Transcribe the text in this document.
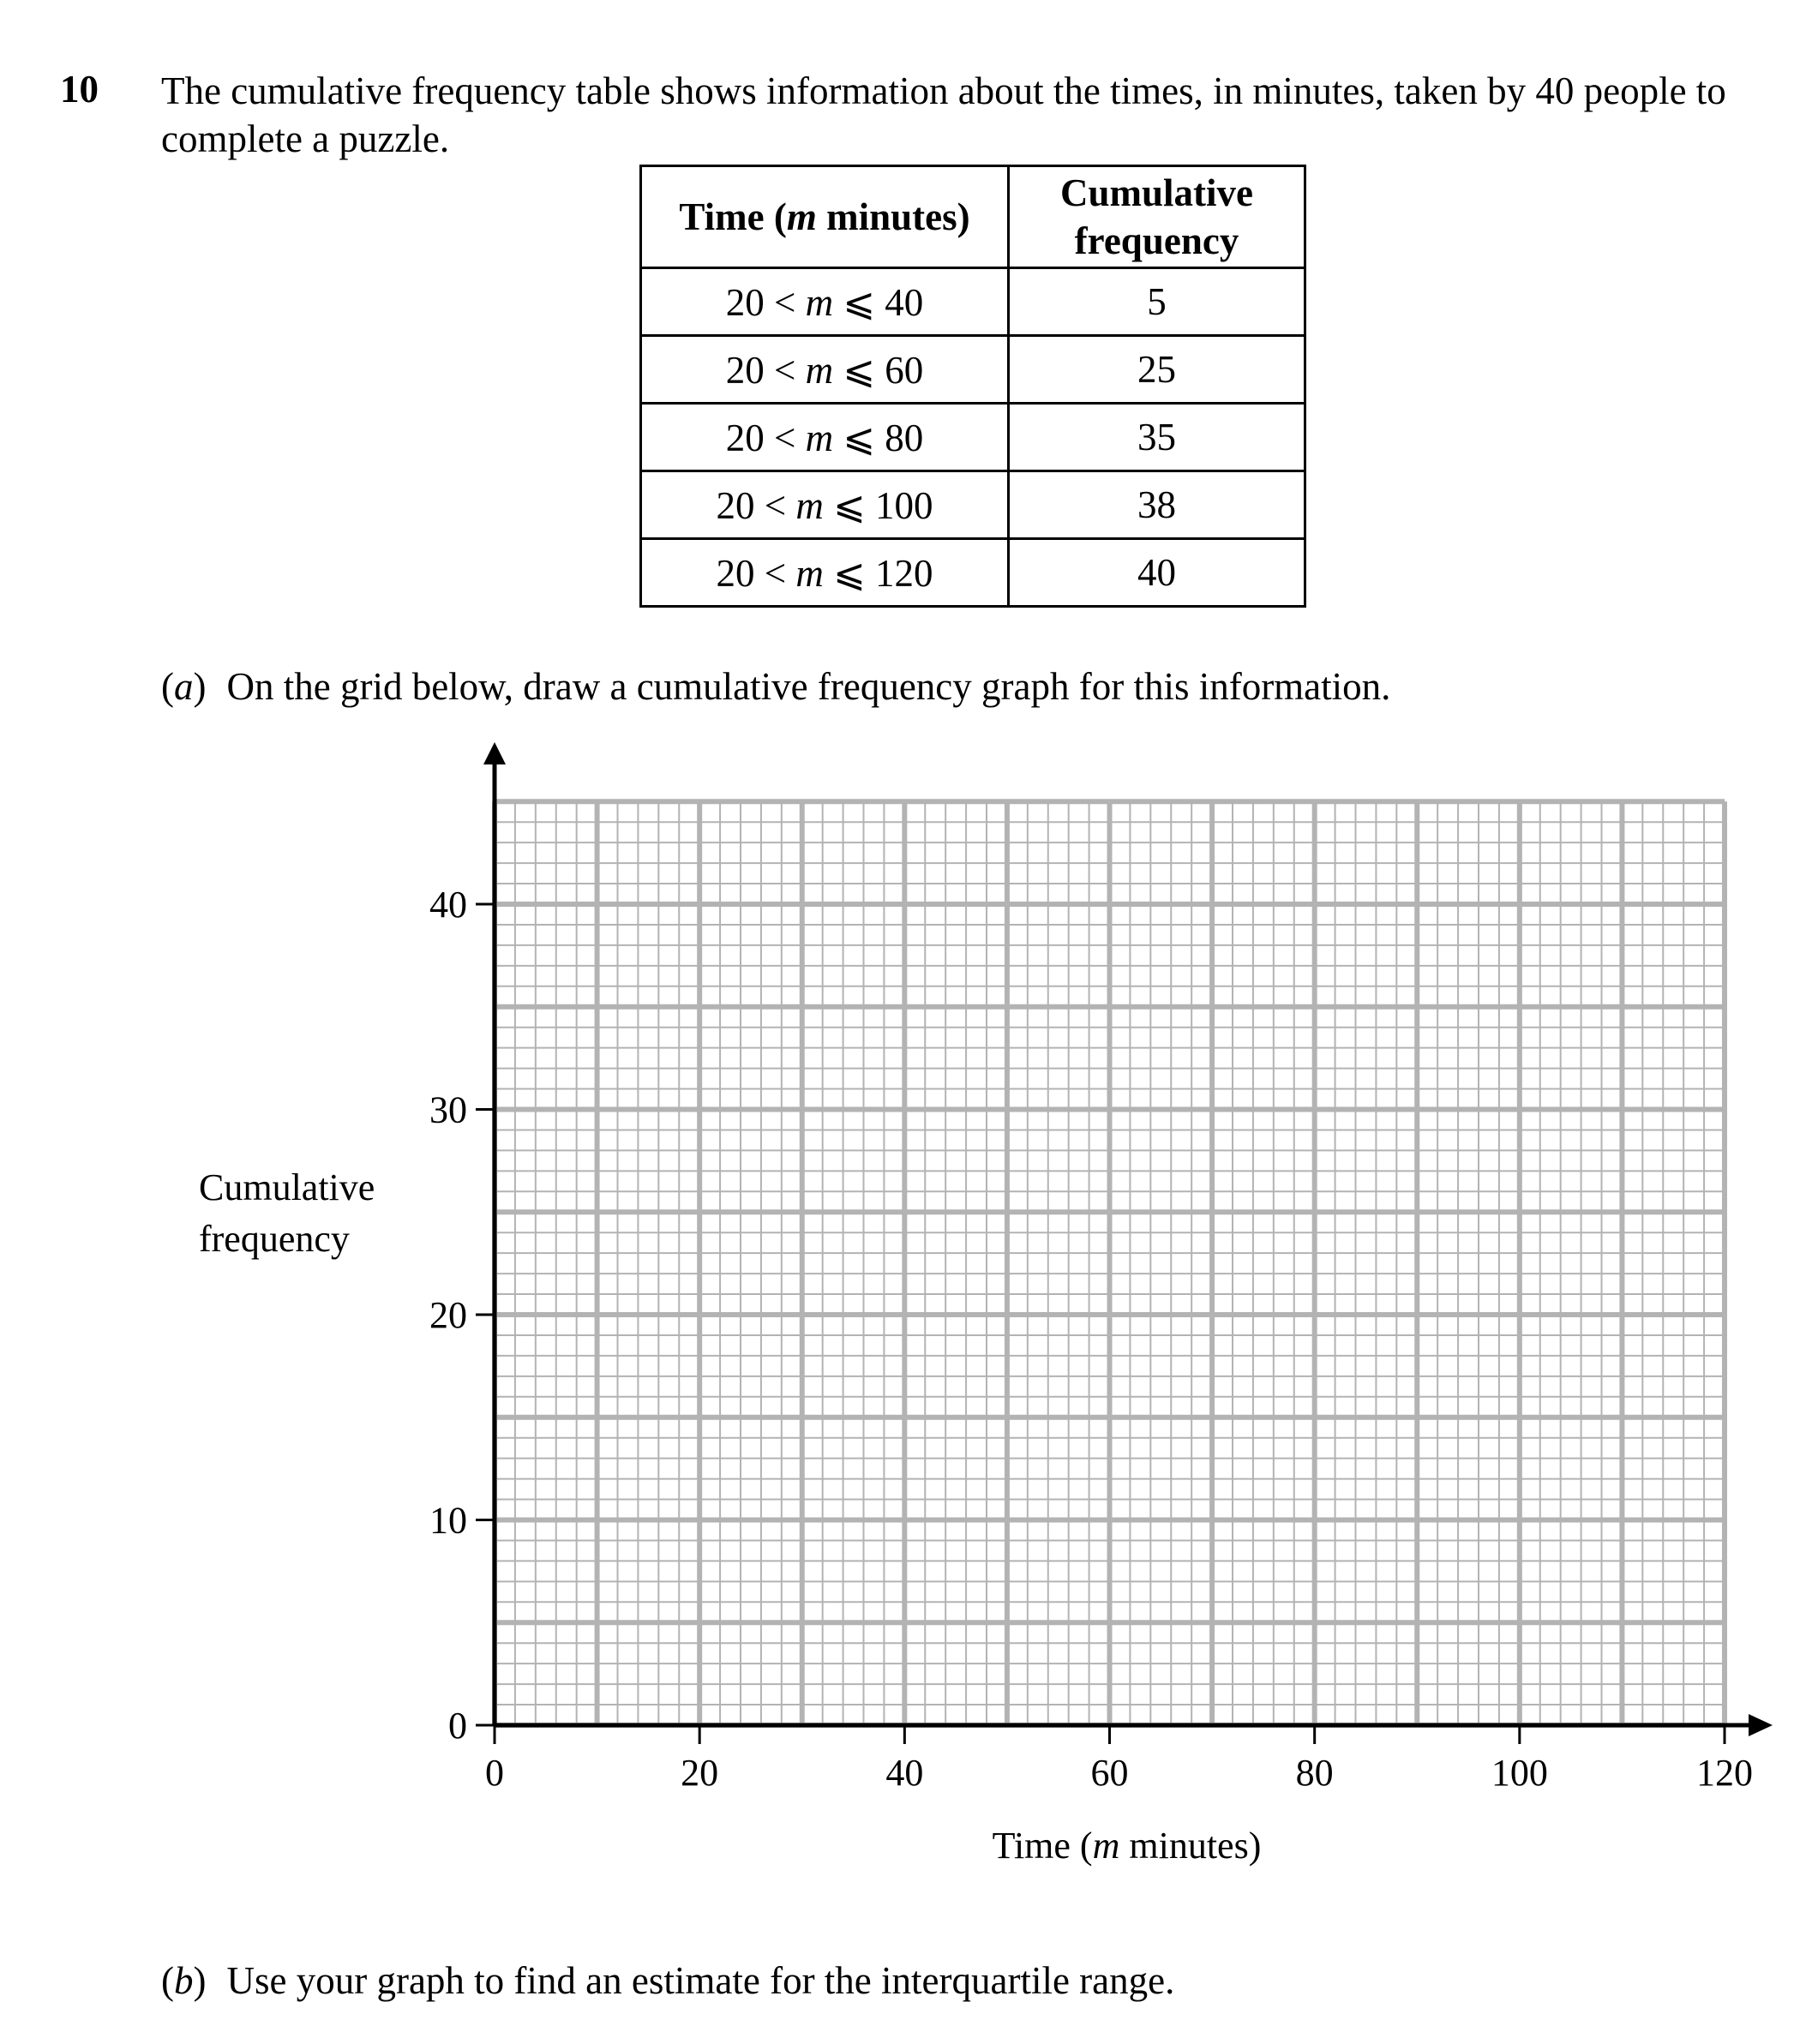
10 The cumulative frequency table shows information about the times, in minutes, taken by 40 people to complete a puzzle.
Time (m minutes)	Cumulative
frequency
20 < m ⩽ 40	5
20 < m ⩽ 60	25
20 < m ⩽ 80	35
20 < m ⩽ 100	38
20 < m ⩽ 120	40
(a) On the grid below, draw a cumulative frequency graph for this information.
0	20	40	60	80	100	120
0
10
20
30
40
Time (m minutes)
Cumulative
frequency
(b) Use your graph to find an estimate for the interquartile range.
